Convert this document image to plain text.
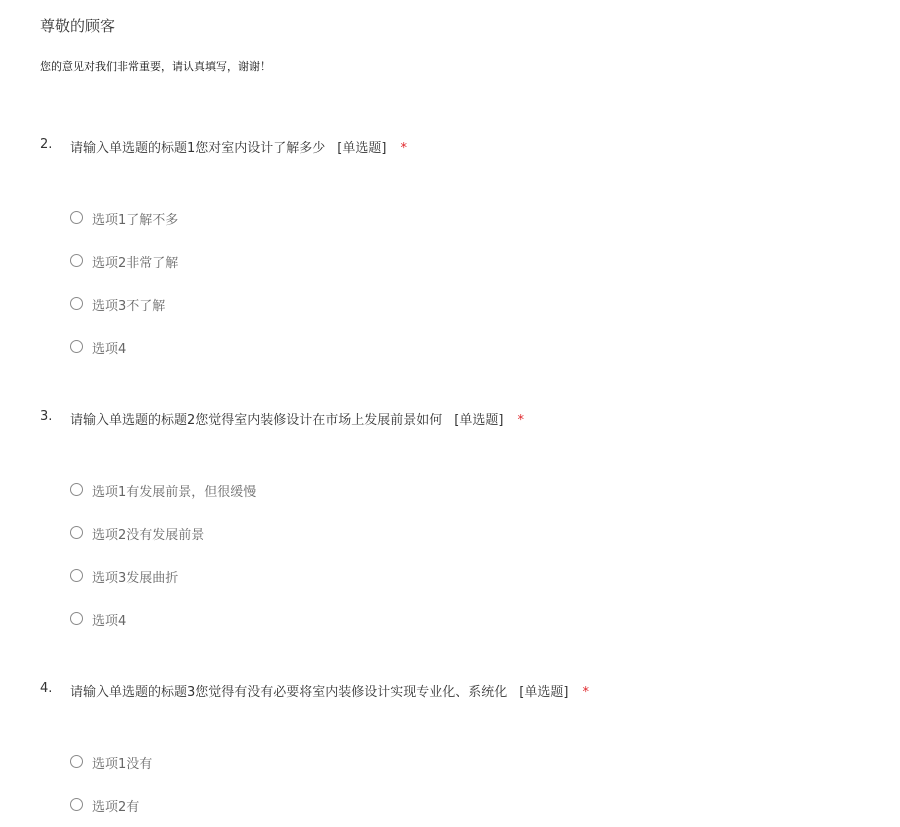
尊敬的顾客

您的意见对我们非常重要，请认真填写，谢谢！

2. 请输入单选题的标题1您对室内设计了解多少 [单选题] *
选项1了解不多
选项2非常了解
选项3不了解
选项4
3. 请输入单选题的标题2您觉得室内装修设计在市场上发展前景如何 [单选题] *
选项1有发展前景，但很缓慢
选项2没有发展前景
选项3发展曲折
选项4
4. 请输入单选题的标题3您觉得有没有必要将室内装修设计实现专业化、系统化 [单选题] *
选项1没有
选项2有
